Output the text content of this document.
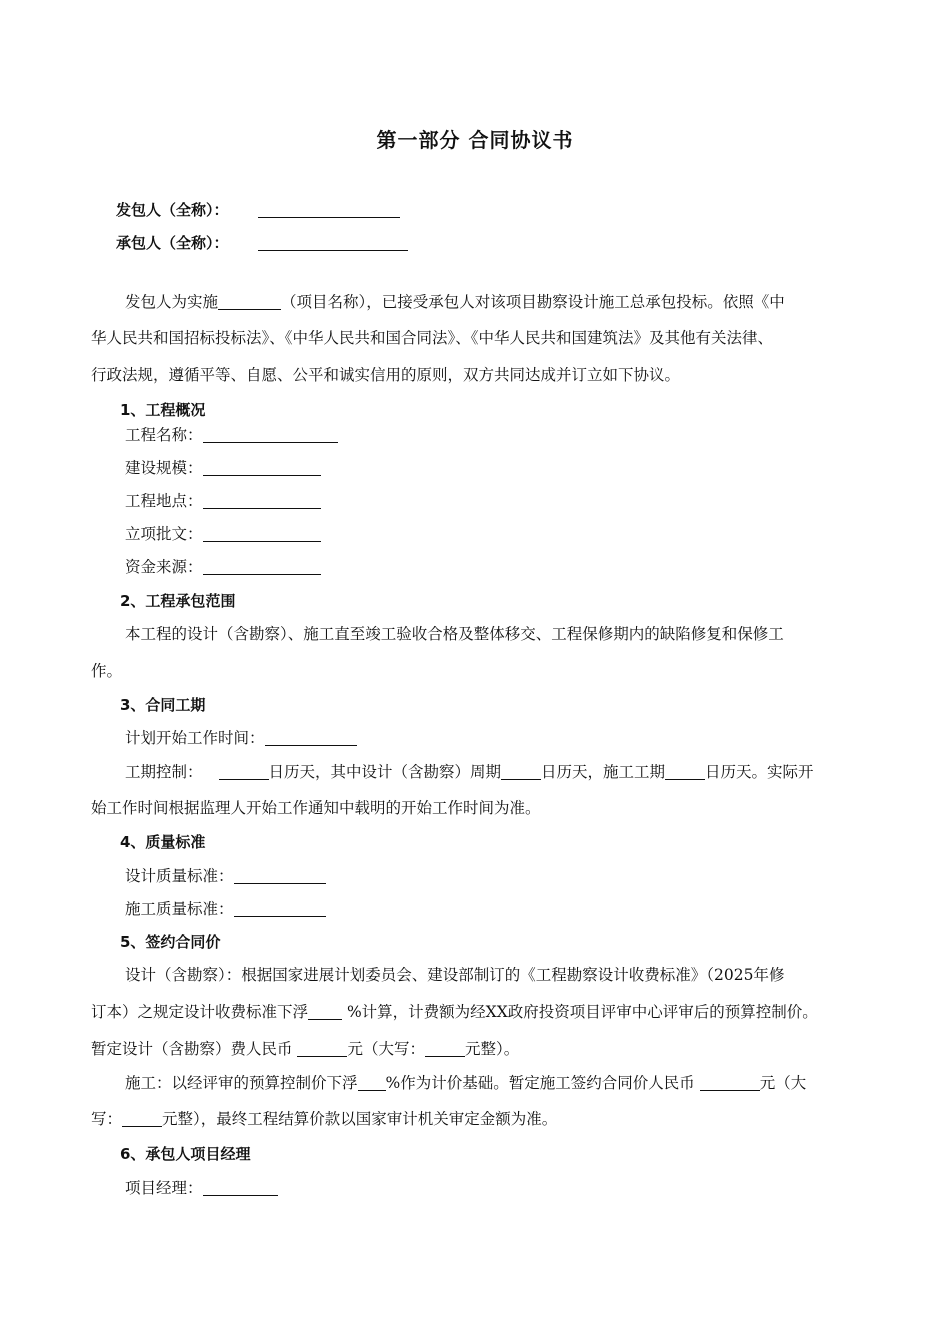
第一部分 合同协议书
发包人（全称）：
承包人（全称）：
发包人为实施	（项目名称），已接受承包人对该项目勘察设计施工总承包投标。依照《中
华人民共和国招标投标法》、《中华人民共和国合同法》、《中华人民共和国建筑法》及其他有关法律、
行政法规，遵循平等、自愿、公平和诚实信用的原则，双方共同达成并订立如下协议。
1、工程概况
工程名称：
建设规模：
工程地点：
立项批文：
资金来源：
2、工程承包范围
本工程的设计（含勘察）、施工直至竣工验收合格及整体移交、工程保修期内的缺陷修复和保修工
作。
3、合同工期
计划开始工作时间：
工期控制：	日历天，其中设计（含勘察）周期	日历天，施工工期	日历天。实际开
始工作时间根据监理人开始工作通知中载明的开始工作时间为准。
4、质量标准
设计质量标准：
施工质量标准：
5、签约合同价
设计（含勘察）：根据国家进展计划委员会、建设部制订的《工程勘察设计收费标准》（2025年修
订本）之规定设计收费标准下浮 %计算，计费额为经XX政府投资项目评审中心评审后的预算控制价。
暂定设计（含勘察）费人民币	元（大写：	元整）。
施工：以经评审的预算控制价下浮 %作为计价基础。暂定施工签约合同价人民币	元（大
写：	元整），最终工程结算价款以国家审计机关审定金额为准。
6、承包人项目经理
项目经理：
